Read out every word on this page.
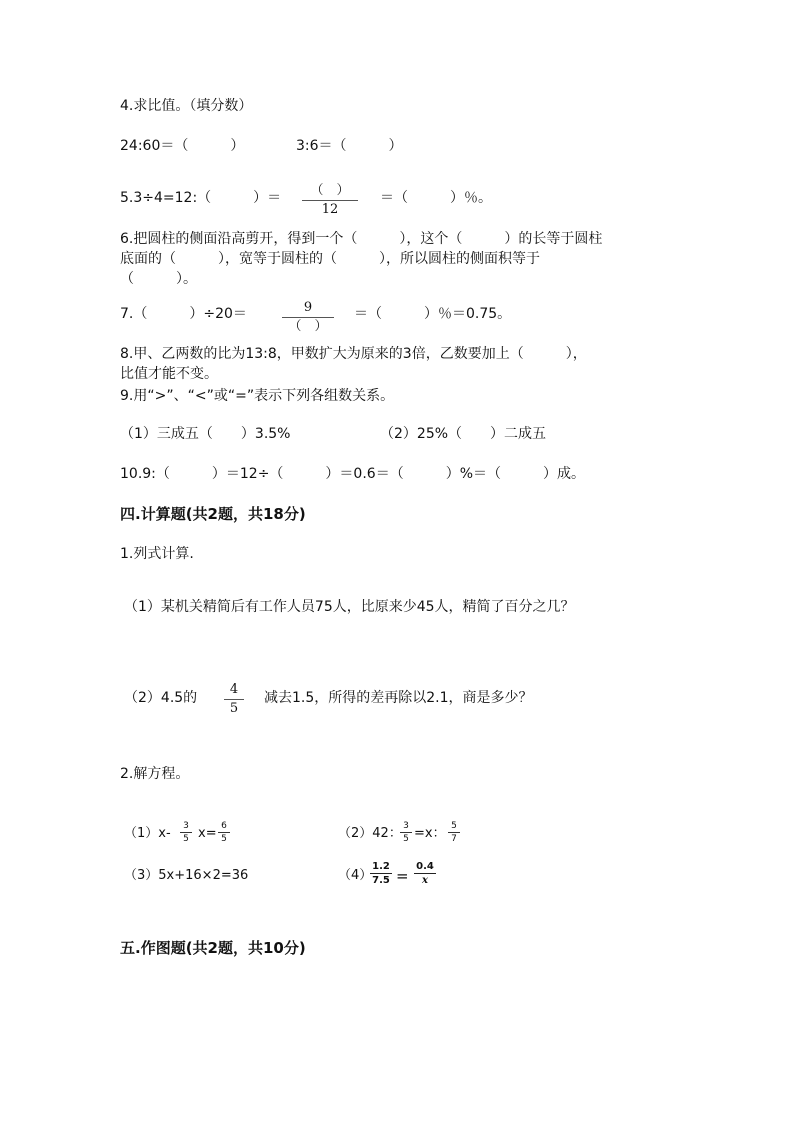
4.求比值。（填分数）
24:60＝（　　　）	3:6＝（　　　）
5.3÷4=12:（　　　）＝	（　）
12
＝（　　　）％。
6.把圆柱的侧面沿高剪开，得到一个（　　　），这个（　　　）的长等于圆柱
底面的（　　　），宽等于圆柱的（　　　），所以圆柱的侧面积等于
（　　　）。
7.（　　　）÷20＝	9
（　）
＝（　　　）％＝0.75。
8.甲、乙两数的比为13:8，甲数扩大为原来的3倍，乙数要加上（　　　），
比值才能不变。
9.用“>”、“<”或“=”表示下列各组数关系。
（1）三成五（　　）3.5%	（2）25%（　　）二成五
10.9:（　　　）＝12÷（　　　）＝0.6＝（　　　）%＝（　　　）成。
四.计算题(共2题，共18分)
1.列式计算.
（1）某机关精简后有工作人员75人，比原来少45人，精简了百分之几？
（2）4.5的
4
5
减去1.5，所得的差再除以2.1，商是多少？
2.解方程。
（1）x-	3
5 x= 6
5	（2）42： 3
5 =x： 5
7
（3）5x+16×2=36	（4）
1.2
7.5 =
0.4
x
五.作图题(共2题，共10分)
